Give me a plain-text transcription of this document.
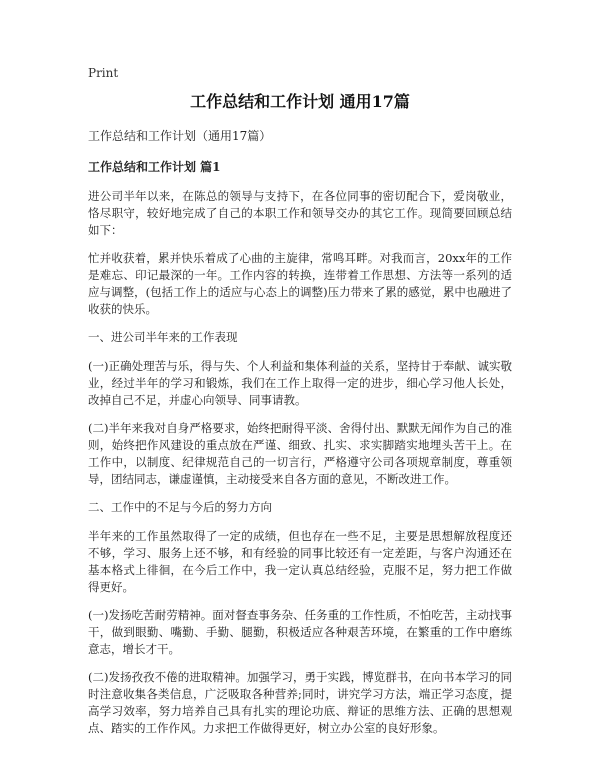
Print
工作总结和工作计划 通用17篇
工作总结和工作计划（通用17篇）
工作总结和工作计划 篇1

进公司半年以来，在陈总的领导与支持下，在各位同事的密切配合下，爱岗敬业，恪尽职守，较好地完成了自己的本职工作和领导交办的其它工作。现简要回顾总结如下：

忙并收获着，累并快乐着成了心曲的主旋律，常鸣耳畔。对我而言，20xx年的工作是难忘、印记最深的一年。工作内容的转换，连带着工作思想、方法等一系列的适应与调整，(包括工作上的适应与心态上的调整)压力带来了累的感觉，累中也融进了收获的快乐。

一、进公司半年来的工作表现

(一)正确处理苦与乐，得与失、个人利益和集体利益的关系，坚持甘于奉献、诚实敬业，经过半年的学习和锻炼，我们在工作上取得一定的进步，细心学习他人长处，改掉自己不足，并虚心向领导、同事请教。

(二)半年来我对自身严格要求，始终把耐得平淡、舍得付出、默默无闻作为自己的准则，始终把作风建设的重点放在严谨、细致、扎实、求实脚踏实地埋头苦干上。在工作中，以制度、纪律规范自己的一切言行，严格遵守公司各项规章制度，尊重领导，团结同志，谦虚谨慎，主动接受来自各方面的意见，不断改进工作。

二、工作中的不足与今后的努力方向

半年来的工作虽然取得了一定的成绩，但也存在一些不足，主要是思想解放程度还不够，学习、服务上还不够，和有经验的同事比较还有一定差距，与客户沟通还在基本格式上徘徊，在今后工作中，我一定认真总结经验，克服不足，努力把工作做得更好。

(一)发扬吃苦耐劳精神。面对督查事务杂、任务重的工作性质，不怕吃苦，主动找事干，做到眼勤、嘴勤、手勤、腿勤，积极适应各种艰苦环境，在繁重的工作中磨练意志，增长才干。

(二)发扬孜孜不倦的进取精神。加强学习，勇于实践，博览群书，在向书本学习的同时注意收集各类信息，广泛吸取各种营养;同时，讲究学习方法，端正学习态度，提高学习效率，努力培养自己具有扎实的理论功底、辩证的思维方法、正确的思想观点、踏实的工作作风。力求把工作做得更好，树立办公室的良好形象。
